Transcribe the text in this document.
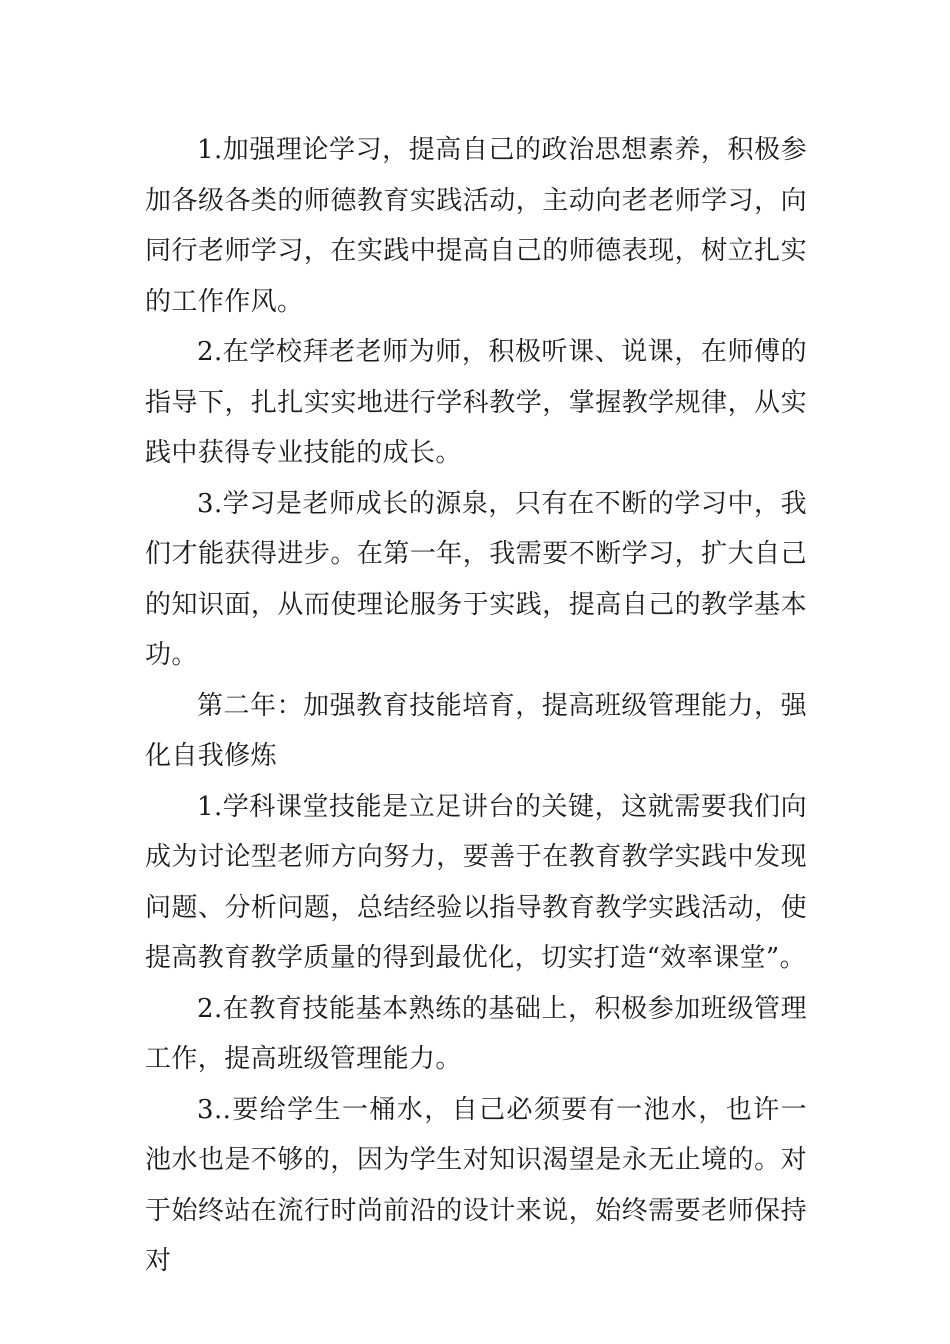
1.加强理论学习，提高自己的政治思想素养，积极参加各级各类的师德教育实践活动，主动向老老师学习，向同行老师学习，在实践中提高自己的师德表现，树立扎实的工作作风。

2.在学校拜老老师为师，积极听课、说课，在师傅的指导下，扎扎实实地进行学科教学，掌握教学规律，从实践中获得专业技能的成长。

3.学习是老师成长的源泉，只有在不断的学习中，我们才能获得进步。在第一年，我需要不断学习，扩大自己的知识面，从而使理论服务于实践，提高自己的教学基本功。

第二年：加强教育技能培育，提高班级管理能力，强化自我修炼

1.学科课堂技能是立足讲台的关键，这就需要我们向成为讨论型老师方向努力，要善于在教育教学实践中发现问题、分析问题，总结经验以指导教育教学实践活动，使提高教育教学质量的得到最优化，切实打造“效率课堂”。

2.在教育技能基本熟练的基础上，积极参加班级管理工作，提高班级管理能力。

3..要给学生一桶水，自己必须要有一池水，也许一池水也是不够的，因为学生对知识渴望是永无止境的。对于始终站在流行时尚前沿的设计来说，始终需要老师保持对
